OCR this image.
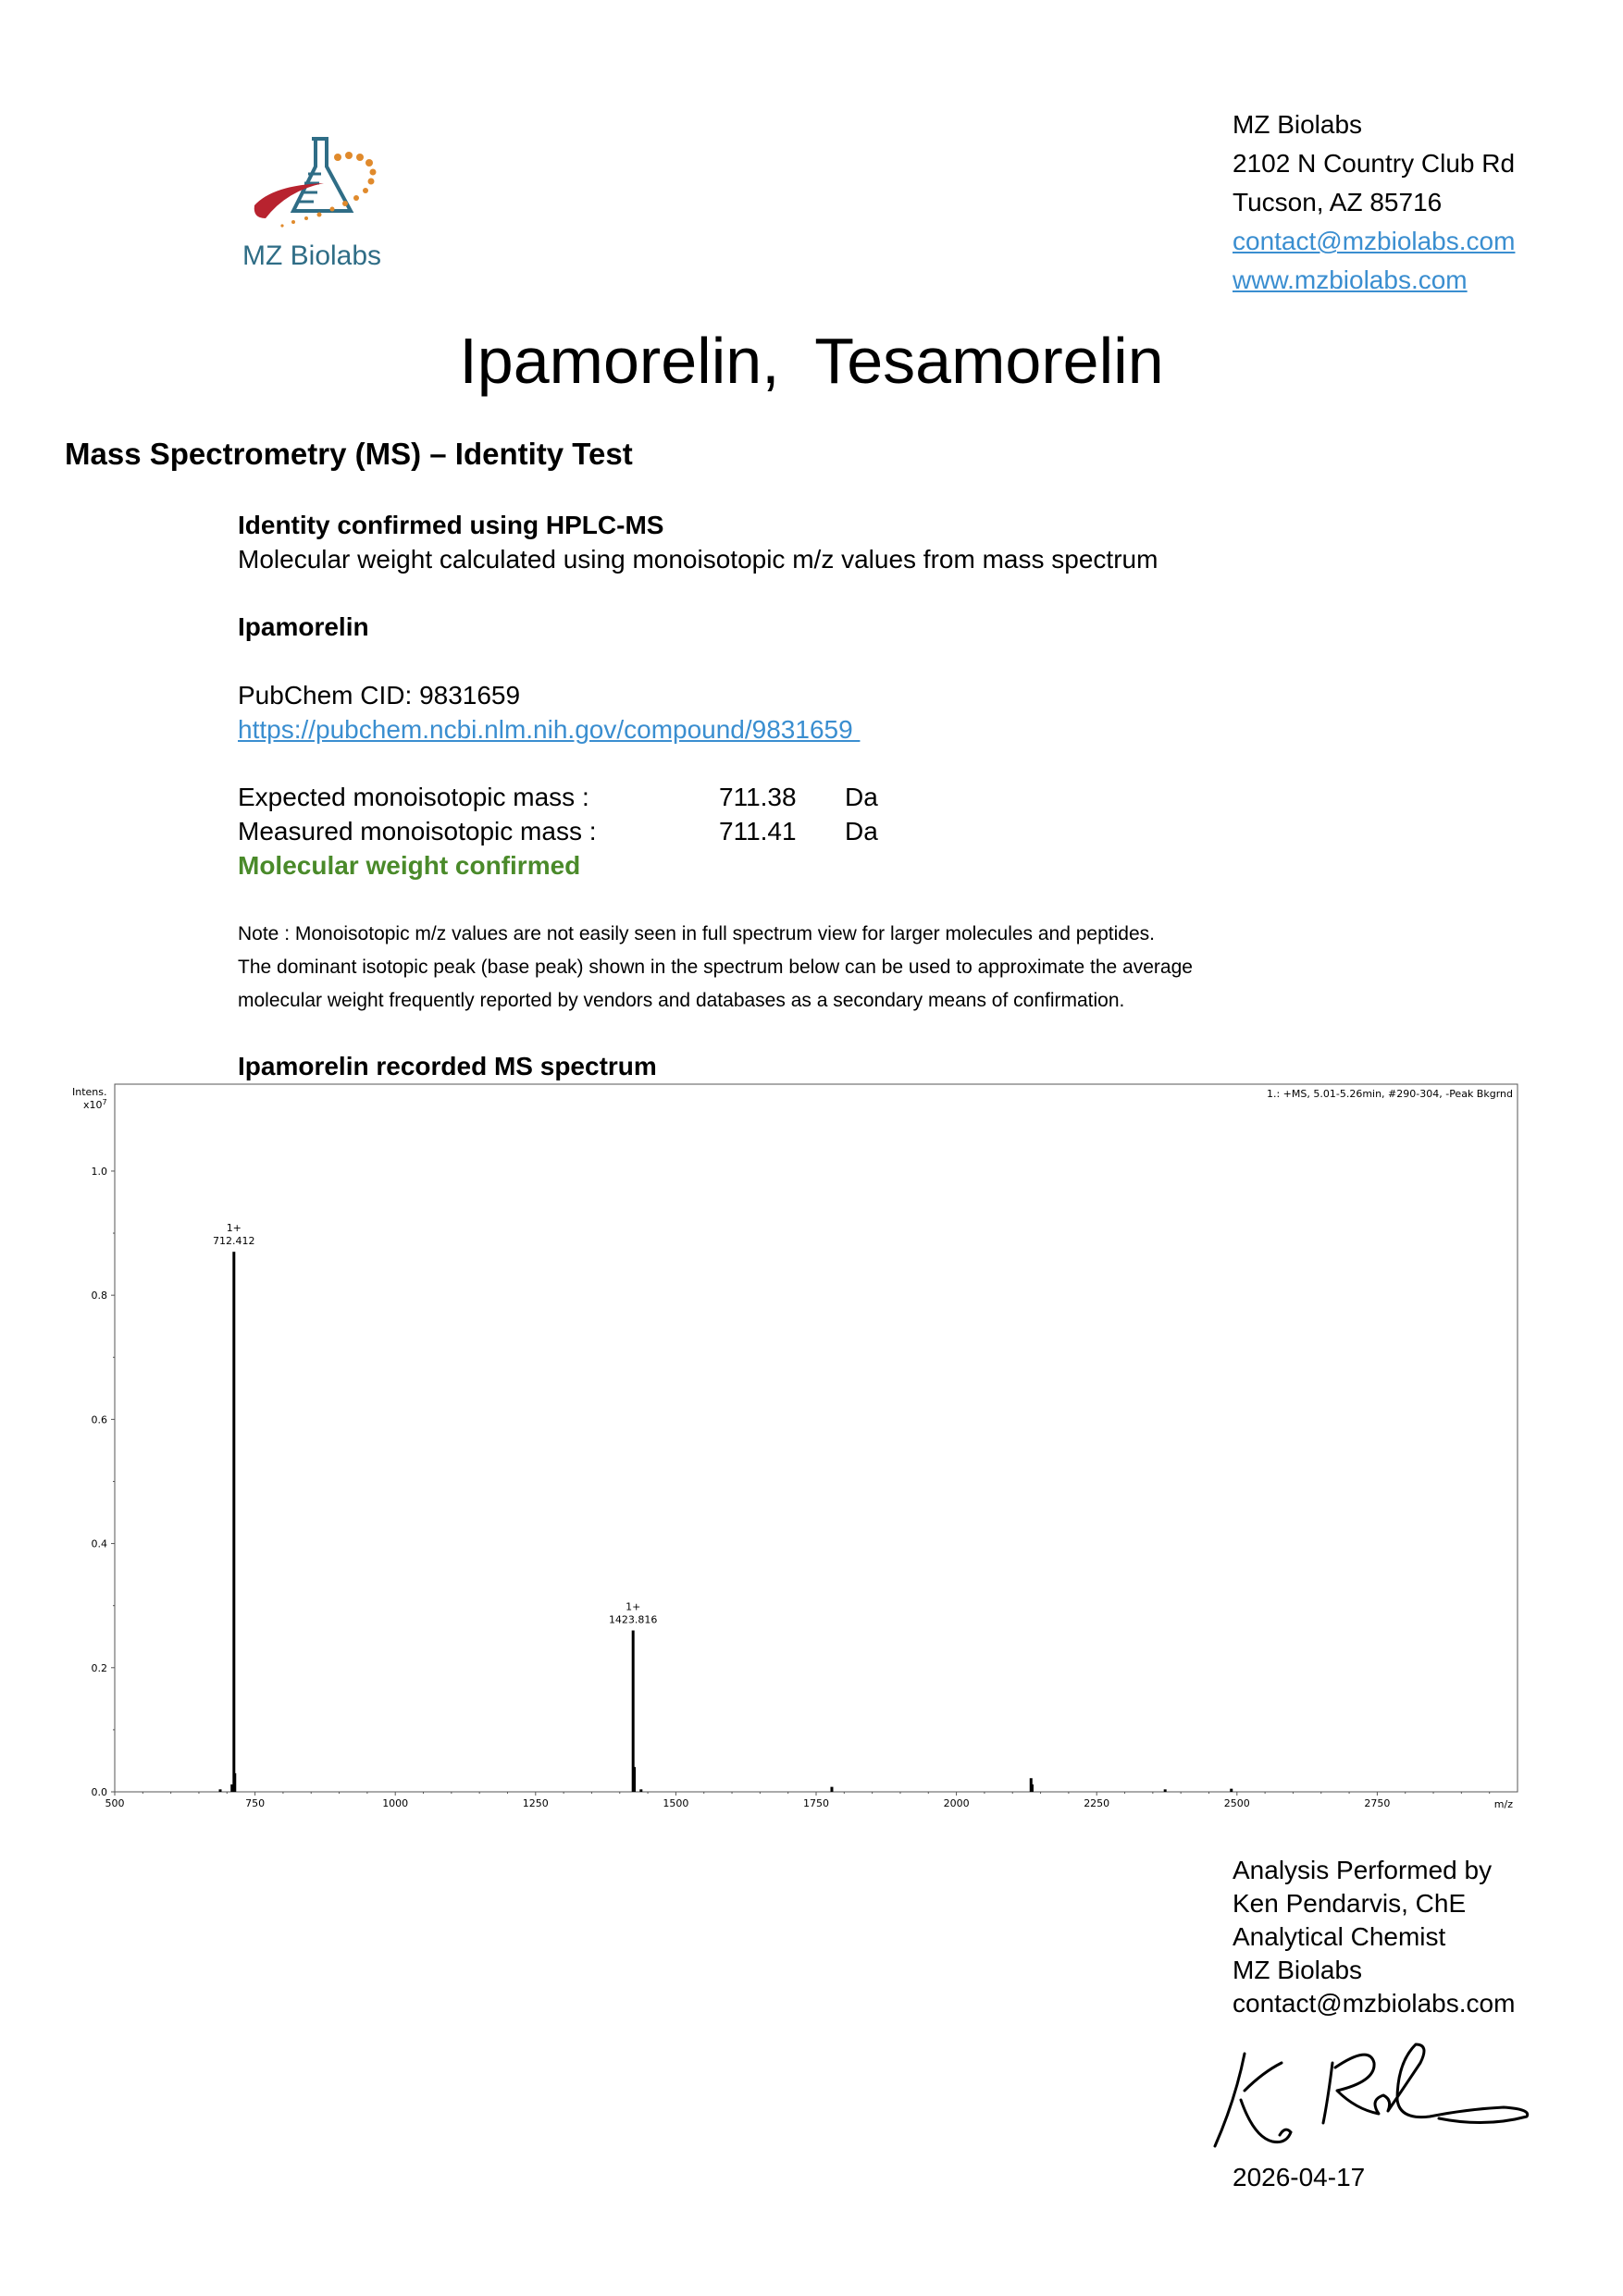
MZ Biolabs
MZ Biolabs
2102 N Country Club Rd
Tucson, AZ 85716
contact@mzbiolabs.com
www.mzbiolabs.com
Ipamorelin,  Tesamorelin
Mass Spectrometry (MS) – Identity Test
Identity confirmed using HPLC-MS
Molecular weight calculated using monoisotopic m/z values from mass spectrum
Ipamorelin
PubChem CID: 9831659
https://pubchem.ncbi.nlm.nih.gov/compound/9831659
Expected monoisotopic mass :	711.38 Da
Measured monoisotopic mass :	711.41 Da
Molecular weight confirmed
Note : Monoisotopic m/z values are not easily seen in full spectrum view for larger molecules and peptides.
The dominant isotopic peak (base peak) shown in the spectrum below can be used to approximate the average
molecular weight frequently reported by vendors and databases as a secondary means of confirmation.
Ipamorelin recorded MS spectrum
Intens.
$x10^7$
1.: +MS, 5.01-5.26min, #290-304, -Peak Bkgrnd
m/z
0.0
0.2
0.4
0.6
0.8
1.0
500	750	1000	1250	1500	1750	2000	2250	2500	2750
1+
712.412
1+
1423.816
Analysis Performed by
Ken Pendarvis, ChE
Analytical Chemist
MZ Biolabs
contact@mzbiolabs.com
2026-04-17
